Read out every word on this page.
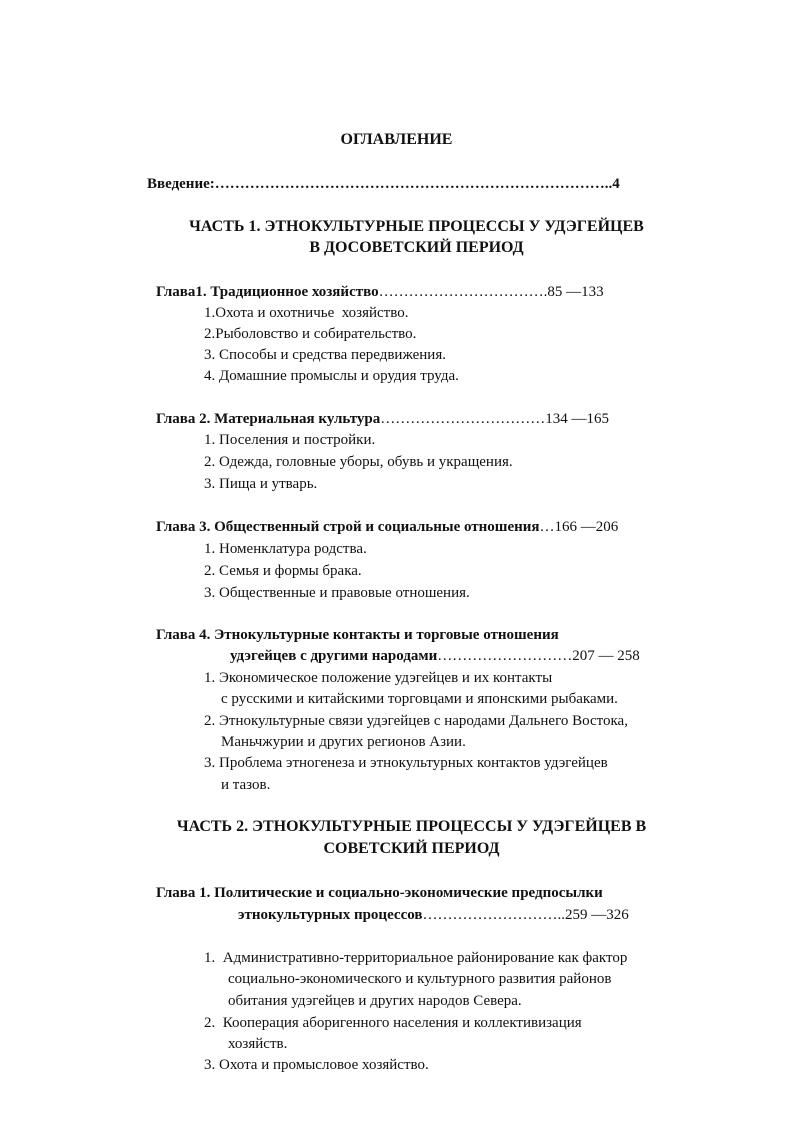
ОГЛАВЛЕНИЕ
Введение:……………………………………………………………………..4
ЧАСТЬ 1. ЭТНОКУЛЬТУРНЫЕ ПРОЦЕССЫ У УДЭГЕЙЦЕВ
В ДОСОВЕТСКИЙ ПЕРИОД
Глава1. Традиционное хозяйство…………………………….85 —133
1.Охота и охотничье  хозяйство.
2.Рыболовство и собирательство.
3. Способы и средства передвижения.
4. Домашние промыслы и орудия труда.
Глава 2. Материальная культура……………………………134 —165
1. Поселения и постройки.
2. Одежда, головные уборы, обувь и укращения.
3. Пища и утварь.
Глава 3. Общественный строй и социальные отношения…166 —206
1. Номенклатура родства.
2. Семья и формы брака.
3. Общественные и правовые отношения.
Глава 4. Этнокультурные контакты и торговые отношения
удэгейцев с другими народами………………………207 — 258
1. Экономическое положение удэгейцев и их контакты
с русскими и китайскими торговцами и японскими рыбаками.
2. Этнокультурные связи удэгейцев с народами Дальнего Востока,
Маньчжурии и других регионов Азии.
3. Проблема этногенеза и этнокультурных контактов удэгейцев
и тазов.
ЧАСТЬ 2. ЭТНОКУЛЬТУРНЫЕ ПРОЦЕССЫ У УДЭГЕЙЦЕВ В
СОВЕТСКИЙ ПЕРИОД
Глава 1. Политические и социально-экономические предпосылки
этнокультурных процессов………………………..259 —326
1.  Административно-территориальное районирование как фактор
социально-экономического и культурного развития районов
обитания удэгейцев и других народов Севера.
2.  Кооперация аборигенного населения и коллективизация
хозяйств.
3. Охота и промысловое хозяйство.
